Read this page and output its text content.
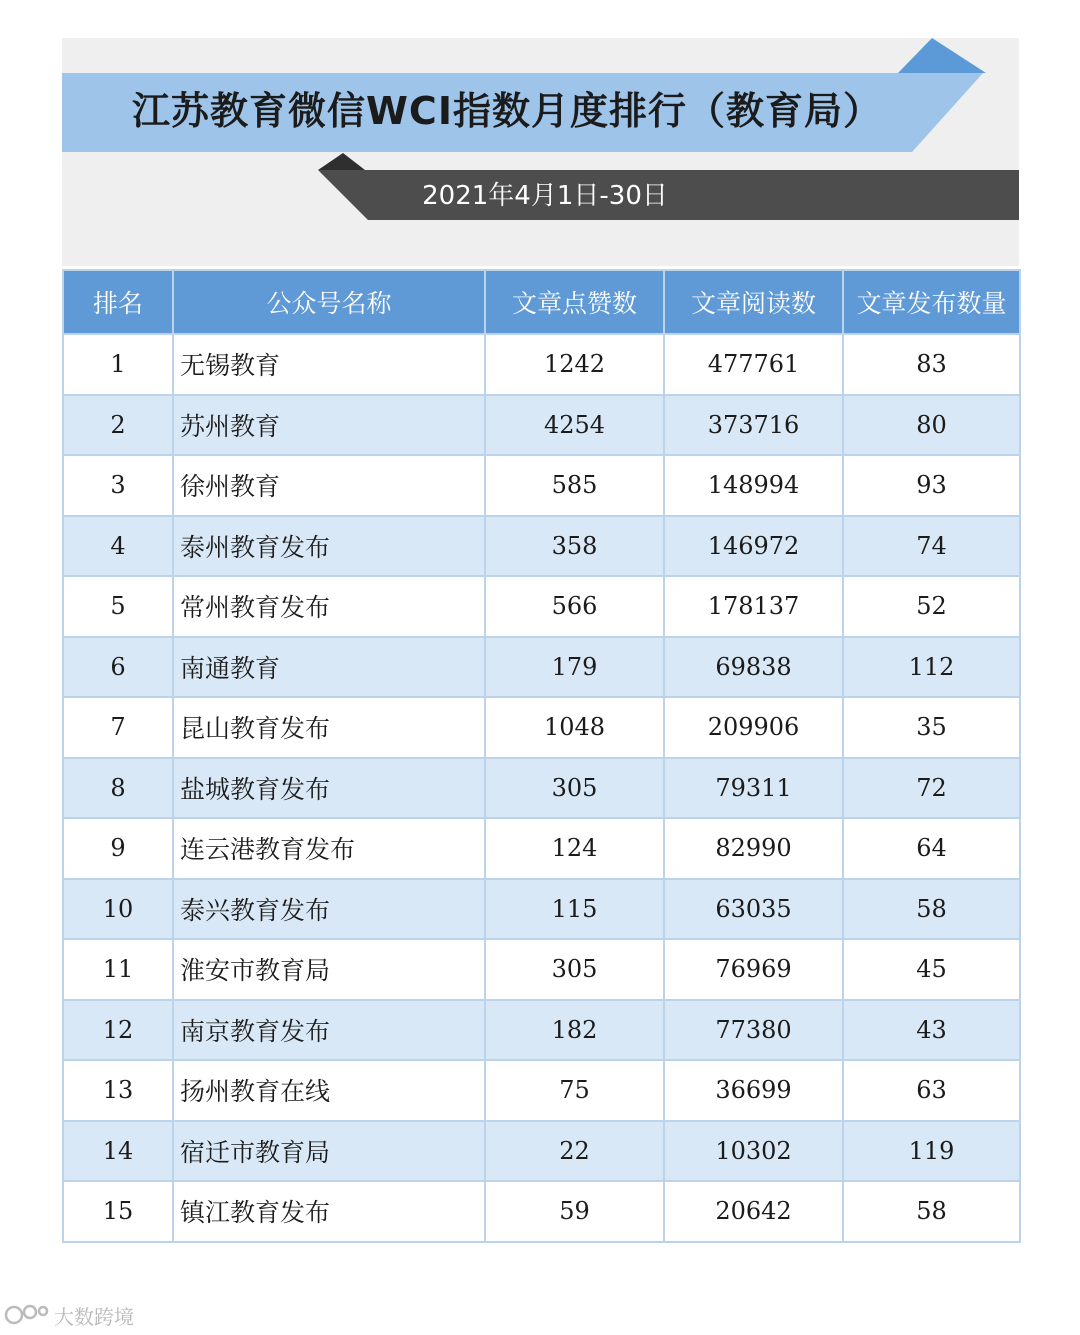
江苏教育微信WCI指数月度排行（教育局）
2021年4月1日-30日
排名	公众号名称	文章点赞数	文章阅读数	文章发布数量
1	无锡教育	1242	477761	83
2	苏州教育	4254	373716	80
3	徐州教育	585	148994	93
4	泰州教育发布	358	146972	74
5	常州教育发布	566	178137	52
6	南通教育	179	69838	112
7	昆山教育发布	1048	209906	35
8	盐城教育发布	305	79311	72
9	连云港教育发布	124	82990	64
10	泰兴教育发布	115	63035	58
11	淮安市教育局	305	76969	45
12	南京教育发布	182	77380	43
13	扬州教育在线	75	36699	63
14	宿迁市教育局	22	10302	119
15	镇江教育发布	59	20642	58
大数跨境
